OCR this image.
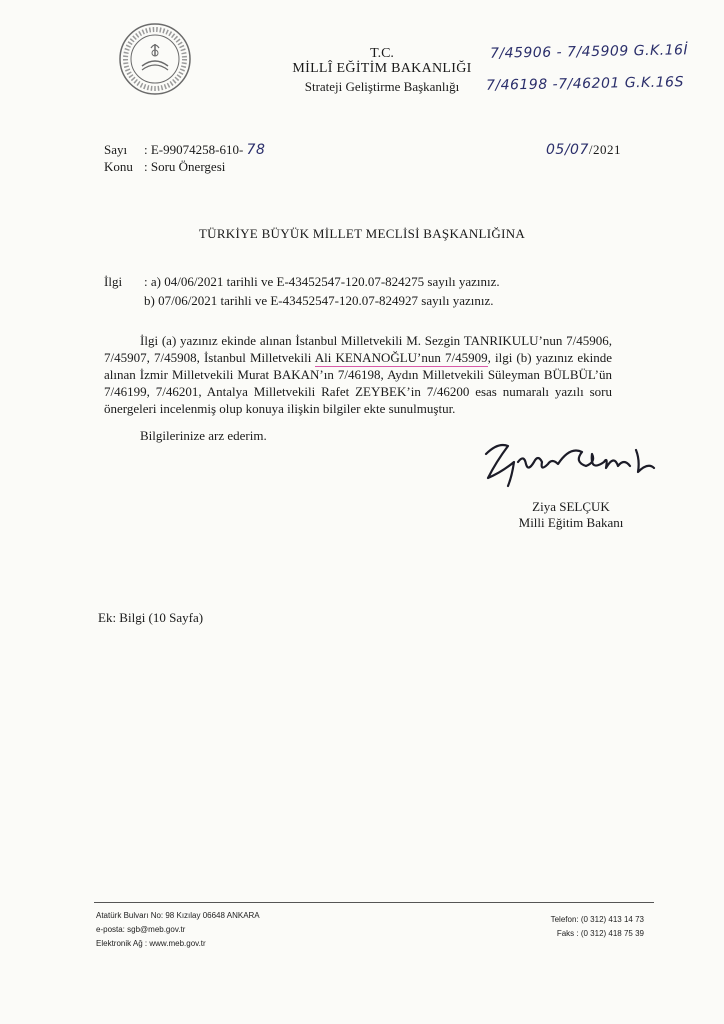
T.C.
MİLLÎ EĞİTİM BAKANLIĞI
Strateji Geliştirme Başkanlığı
7/45906 - 7/45909 G.K.16İ
7/46198 -7/46201 G.K.16S
Sayı : E-99074258-610- 78
Konu : Soru Önergesi
05/07/2021
TÜRKİYE BÜYÜK MİLLET MECLİSİ BAŞKANLIĞINA
İlgi : a) 04/06/2021 tarihli ve E-43452547-120.07-824275 sayılı yazınız.
b) 07/06/2021 tarihli ve E-43452547-120.07-824927 sayılı yazınız.
İlgi (a) yazınız ekinde alınan İstanbul Milletvekili M. Sezgin TANRIKULU’nun 7/45906, 7/45907, 7/45908, İstanbul Milletvekili Ali KENANOĞLU’nun 7/45909, ilgi (b) yazınız ekinde alınan İzmir Milletvekili Murat BAKAN’ın 7/46198, Aydın Milletvekili Süleyman BÜLBÜL’ün 7/46199, 7/46201, Antalya Milletvekili Rafet ZEYBEK’in 7/46200 esas numaralı yazılı soru önergeleri incelenmiş olup konuya ilişkin bilgiler ekte sunulmuştur.
Bilgilerinize arz ederim.
Ziya SELÇUK
Milli Eğitim Bakanı
Ek: Bilgi (10 Sayfa)
Atatürk Bulvarı No: 98 Kızılay 06648 ANKARA
e-posta: sgb@meb.gov.tr
Elektronik Ağ : www.meb.gov.tr
Telefon: (0 312) 413 14 73
Faks : (0 312) 418 75 39
